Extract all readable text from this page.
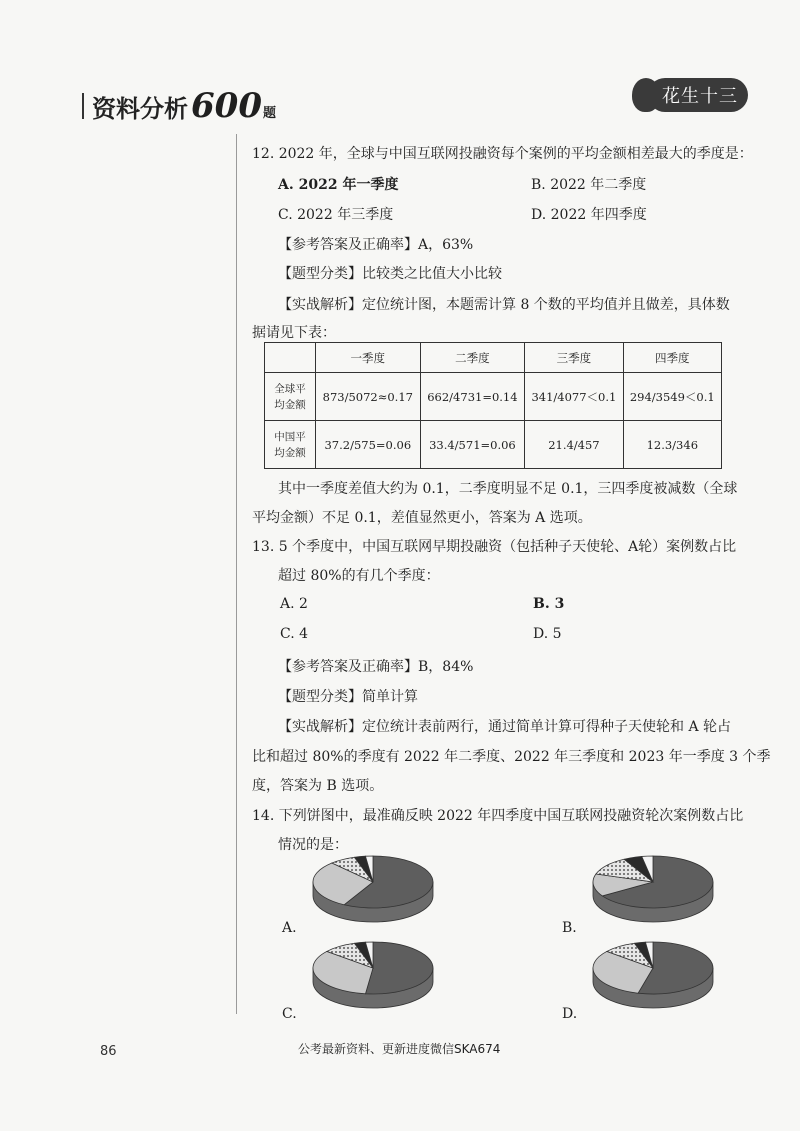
资料分析 600 题
花生十三
12. 2022 年，全球与中国互联网投融资每个案例的平均金额相差最大的季度是：
A. 2022 年一季度	B. 2022 年二季度
C. 2022 年三季度	D. 2022 年四季度
【参考答案及正确率】A，63%
【题型分类】比较类之比值大小比较
【实战解析】定位统计图，本题需计算 8 个数的平均值并且做差，具体数
据请见下表：
	一季度	二季度	三季度	四季度
全球平
均金额	873/5072≈0.17	662/4731=0.14	341/4077＜0.1	294/3549＜0.1
中国平
均金额	37.2/575=0.06	33.4/571=0.06	21.4/457	12.3/346
其中一季度差值大约为 0.1，二季度明显不足 0.1，三四季度被减数（全球
平均金额）不足 0.1，差值显然更小，答案为 A 选项。
13. 5 个季度中，中国互联网早期投融资（包括种子天使轮、A轮）案例数占比
超过 80%的有几个季度：
A. 2	B. 3
C. 4	D. 5
【参考答案及正确率】B，84%
【题型分类】简单计算
【实战解析】定位统计表前两行，通过简单计算可得种子天使轮和 A 轮占
比和超过 80%的季度有 2022 年二季度、2022 年三季度和 2023 年一季度 3 个季
度，答案为 B 选项。
14. 下列饼图中，最准确反映 2022 年四季度中国互联网投融资轮次案例数占比
情况的是：
A.	B.
C.	D.
86	公考最新资料、更新进度微信SKA674
